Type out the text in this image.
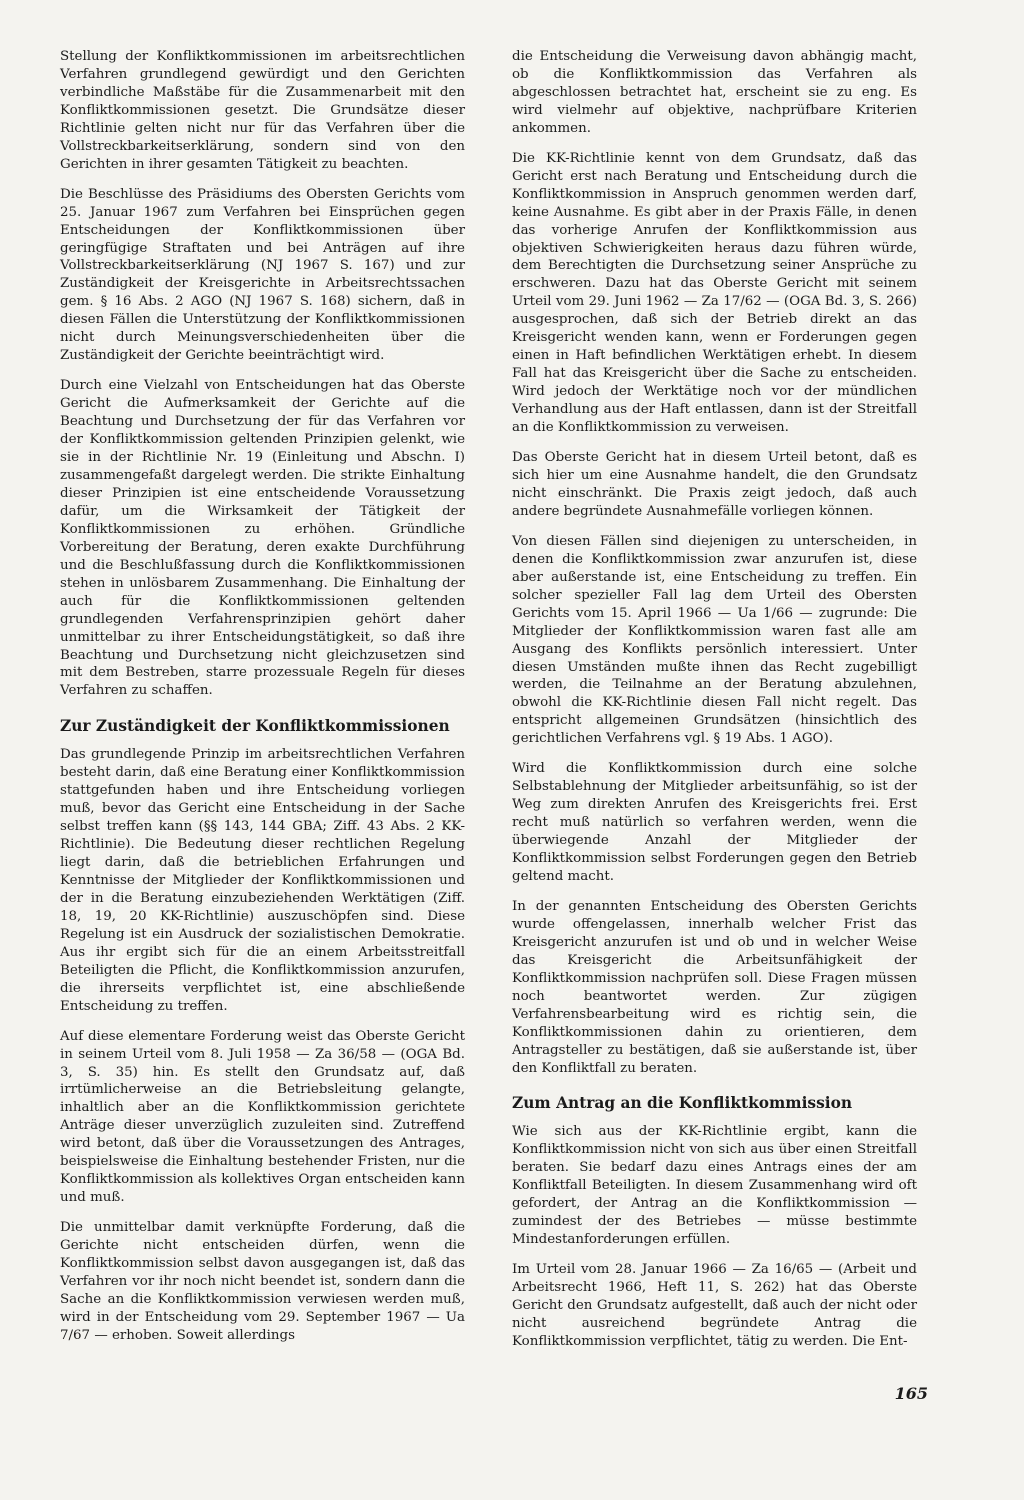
Stellung der Konfliktkommissionen im arbeitsrechtlichen Verfahren grundlegend gewürdigt und den Gerichten verbindliche Maßstäbe für die Zusammenarbeit mit den Konfliktkommissionen gesetzt. Die Grundsätze dieser Richtlinie gelten nicht nur für das Verfahren über die Vollstreckbarkeitserklärung, sondern sind von den Gerichten in ihrer gesamten Tätigkeit zu beachten.

Die Beschlüsse des Präsidiums des Obersten Gerichts vom 25. Januar 1967 zum Verfahren bei Einsprüchen gegen Entscheidungen der Konfliktkommissionen über geringfügige Straftaten und bei Anträgen auf ihre Vollstreckbarkeitserklärung (NJ 1967 S. 167) und zur Zuständigkeit der Kreisgerichte in Arbeitsrechtssachen gem. § 16 Abs. 2 AGO (NJ 1967 S. 168) sichern, daß in diesen Fällen die Unterstützung der Konfliktkommissionen nicht durch Meinungsverschiedenheiten über die Zuständigkeit der Gerichte beeinträchtigt wird.

Durch eine Vielzahl von Entscheidungen hat das Oberste Gericht die Aufmerksamkeit der Gerichte auf die Beachtung und Durchsetzung der für das Verfahren vor der Konfliktkommission geltenden Prinzipien gelenkt, wie sie in der Richtlinie Nr. 19 (Einleitung und Abschn. I) zusammengefaßt dargelegt werden. Die strikte Einhaltung dieser Prinzipien ist eine entscheidende Voraussetzung dafür, um die Wirksamkeit der Tätigkeit der Konfliktkommissionen zu erhöhen. Gründliche Vorbereitung der Beratung, deren exakte Durchführung und die Beschlußfassung durch die Konfliktkommissionen stehen in unlösbarem Zusammenhang. Die Einhaltung der auch für die Konfliktkommissionen geltenden grundlegenden Verfahrensprinzipien gehört daher unmittelbar zu ihrer Entscheidungstätigkeit, so daß ihre Beachtung und Durchsetzung nicht gleichzusetzen sind mit dem Bestreben, starre prozessuale Regeln für dieses Verfahren zu schaffen.

Zur Zuständigkeit der Konfliktkommissionen

Das grundlegende Prinzip im arbeitsrechtlichen Verfahren besteht darin, daß eine Beratung einer Konfliktkommission stattgefunden haben und ihre Entscheidung vorliegen muß, bevor das Gericht eine Entscheidung in der Sache selbst treffen kann (§§ 143, 144 GBA; Ziff. 43 Abs. 2 KK-Richtlinie). Die Bedeutung dieser rechtlichen Regelung liegt darin, daß die betrieblichen Erfahrungen und Kenntnisse der Mitglieder der Konfliktkommissionen und der in die Beratung einzubeziehenden Werktätigen (Ziff. 18, 19, 20 KK-Richtlinie) auszuschöpfen sind. Diese Regelung ist ein Ausdruck der sozialistischen Demokratie. Aus ihr ergibt sich für die an einem Arbeitsstreitfall Beteiligten die Pflicht, die Konfliktkommission anzurufen, die ihrerseits verpflichtet ist, eine abschließende Entscheidung zu treffen.

Auf diese elementare Forderung weist das Oberste Gericht in seinem Urteil vom 8. Juli 1958 — Za 36/58 — (OGA Bd. 3, S. 35) hin. Es stellt den Grundsatz auf, daß irrtümlicherweise an die Betriebsleitung gelangte, inhaltlich aber an die Konfliktkommission gerichtete Anträge dieser unverzüglich zuzuleiten sind. Zutreffend wird betont, daß über die Voraussetzungen des Antrages, beispielsweise die Einhaltung bestehender Fristen, nur die Konfliktkommission als kollektives Organ entscheiden kann und muß.

Die unmittelbar damit verknüpfte Forderung, daß die Gerichte nicht entscheiden dürfen, wenn die Konfliktkommission selbst davon ausgegangen ist, daß das Verfahren vor ihr noch nicht beendet ist, sondern dann die Sache an die Konfliktkommission verwiesen werden muß, wird in der Entscheidung vom 29. September 1967 — Ua 7/67 — erhoben. Soweit allerdings

die Entscheidung die Verweisung davon abhängig macht, ob die Konfliktkommission das Verfahren als abgeschlossen betrachtet hat, erscheint sie zu eng. Es wird vielmehr auf objektive, nachprüfbare Kriterien ankommen.

Die KK-Richtlinie kennt von dem Grundsatz, daß das Gericht erst nach Beratung und Entscheidung durch die Konfliktkommission in Anspruch genommen werden darf, keine Ausnahme. Es gibt aber in der Praxis Fälle, in denen das vorherige Anrufen der Konfliktkommission aus objektiven Schwierigkeiten heraus dazu führen würde, dem Berechtigten die Durchsetzung seiner Ansprüche zu erschweren. Dazu hat das Oberste Gericht mit seinem Urteil vom 29. Juni 1962 — Za 17/62 — (OGA Bd. 3, S. 266) ausgesprochen, daß sich der Betrieb direkt an das Kreisgericht wenden kann, wenn er Forderungen gegen einen in Haft befindlichen Werktätigen erhebt. In diesem Fall hat das Kreisgericht über die Sache zu entscheiden. Wird jedoch der Werktätige noch vor der mündlichen Verhandlung aus der Haft entlassen, dann ist der Streitfall an die Konfliktkommission zu verweisen.

Das Oberste Gericht hat in diesem Urteil betont, daß es sich hier um eine Ausnahme handelt, die den Grundsatz nicht einschränkt. Die Praxis zeigt jedoch, daß auch andere begründete Ausnahmefälle vorliegen können.

Von diesen Fällen sind diejenigen zu unterscheiden, in denen die Konfliktkommission zwar anzurufen ist, diese aber außerstande ist, eine Entscheidung zu treffen. Ein solcher spezieller Fall lag dem Urteil des Obersten Gerichts vom 15. April 1966 — Ua 1/66 — zugrunde: Die Mitglieder der Konfliktkommission waren fast alle am Ausgang des Konflikts persönlich interessiert. Unter diesen Umständen mußte ihnen das Recht zugebilligt werden, die Teilnahme an der Beratung abzulehnen, obwohl die KK-Richtlinie diesen Fall nicht regelt. Das entspricht allgemeinen Grundsätzen (hinsichtlich des gerichtlichen Verfahrens vgl. § 19 Abs. 1 AGO).

Wird die Konfliktkommission durch eine solche Selbstablehnung der Mitglieder arbeitsunfähig, so ist der Weg zum direkten Anrufen des Kreisgerichts frei. Erst recht muß natürlich so verfahren werden, wenn die überwiegende Anzahl der Mitglieder der Konfliktkommission selbst Forderungen gegen den Betrieb geltend macht.

In der genannten Entscheidung des Obersten Gerichts wurde offengelassen, innerhalb welcher Frist das Kreisgericht anzurufen ist und ob und in welcher Weise das Kreisgericht die Arbeitsunfähigkeit der Konfliktkommission nachprüfen soll. Diese Fragen müssen noch beantwortet werden. Zur zügigen Verfahrensbearbeitung wird es richtig sein, die Konfliktkommissionen dahin zu orientieren, dem Antragsteller zu bestätigen, daß sie außerstande ist, über den Konfliktfall zu beraten.

Zum Antrag an die Konfliktkommission

Wie sich aus der KK-Richtlinie ergibt, kann die Konfliktkommission nicht von sich aus über einen Streitfall beraten. Sie bedarf dazu eines Antrags eines der am Konfliktfall Beteiligten. In diesem Zusammenhang wird oft gefordert, der Antrag an die Konfliktkommission — zumindest der des Betriebes — müsse bestimmte Mindestanforderungen erfüllen.

Im Urteil vom 28. Januar 1966 — Za 16/65 — (Arbeit und Arbeitsrecht 1966, Heft 11, S. 262) hat das Oberste Gericht den Grundsatz aufgestellt, daß auch der nicht oder nicht ausreichend begründete Antrag die Konfliktkommission verpflichtet, tätig zu werden. Die Ent-

165
